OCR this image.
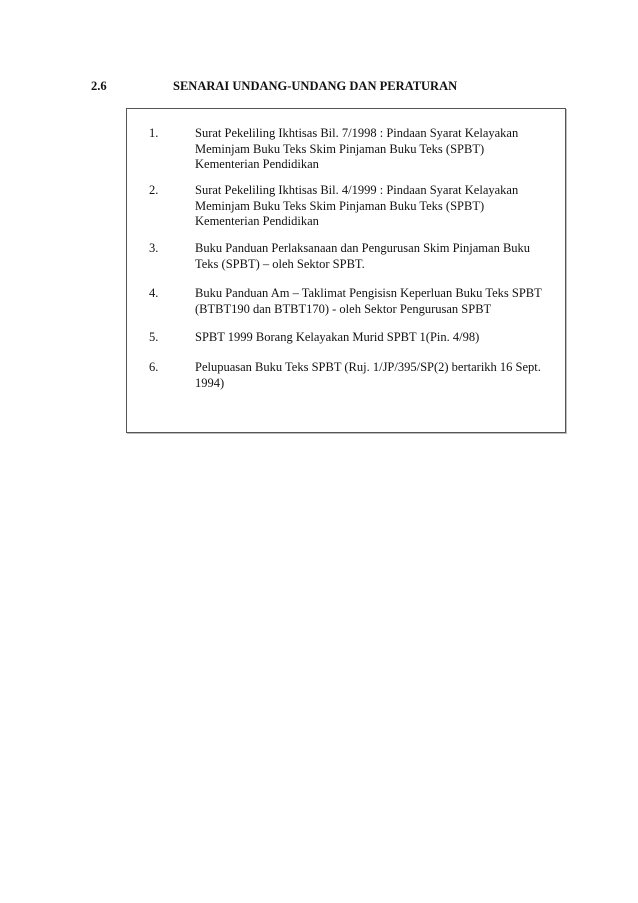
2.6	SENARAI UNDANG-UNDANG DAN PERATURAN
1.	Surat Pekeliling Ikhtisas Bil. 7/1998 : Pindaan Syarat Kelayakan
Meminjam Buku Teks Skim Pinjaman Buku Teks (SPBT)
Kementerian Pendidikan
2.	Surat Pekeliling Ikhtisas Bil. 4/1999 : Pindaan Syarat Kelayakan
Meminjam Buku Teks Skim Pinjaman Buku Teks (SPBT)
Kementerian Pendidikan
3.	Buku Panduan Perlaksanaan dan Pengurusan Skim Pinjaman Buku
Teks (SPBT) – oleh Sektor SPBT.
4.	Buku Panduan Am – Taklimat Pengisisn Keperluan Buku Teks SPBT
(BTBT190 dan BTBT170) - oleh Sektor Pengurusan SPBT
5.	SPBT 1999 Borang Kelayakan Murid SPBT 1(Pin. 4/98)
6.	Pelupuasan Buku Teks SPBT (Ruj. 1/JP/395/SP(2) bertarikh 16 Sept.
1994)
